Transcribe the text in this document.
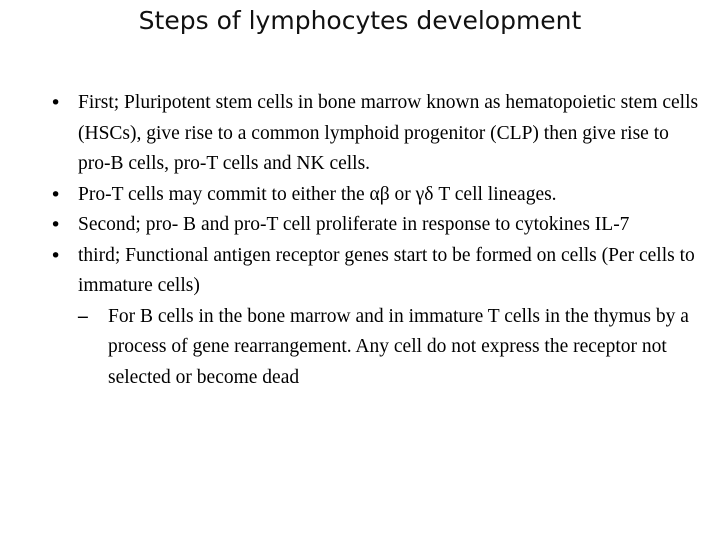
Steps of lymphocytes development
• First; Pluripotent stem cells in bone marrow known as hematopoietic stem cells (HSCs), give rise to a common lymphoid progenitor (CLP) then give rise to pro-B cells, pro-T cells and NK cells.
• Pro-T cells may commit to either the αβ or γδ T cell lineages.
• Second; pro- B and pro-T cell proliferate in response to cytokines IL-7
• third; Functional antigen receptor genes start to be formed on cells (Per cells to immature cells)
–	For B cells in the bone marrow and in immature T cells in the thymus by a process of gene rearrangement. Any cell do not express the receptor not selected or become dead
